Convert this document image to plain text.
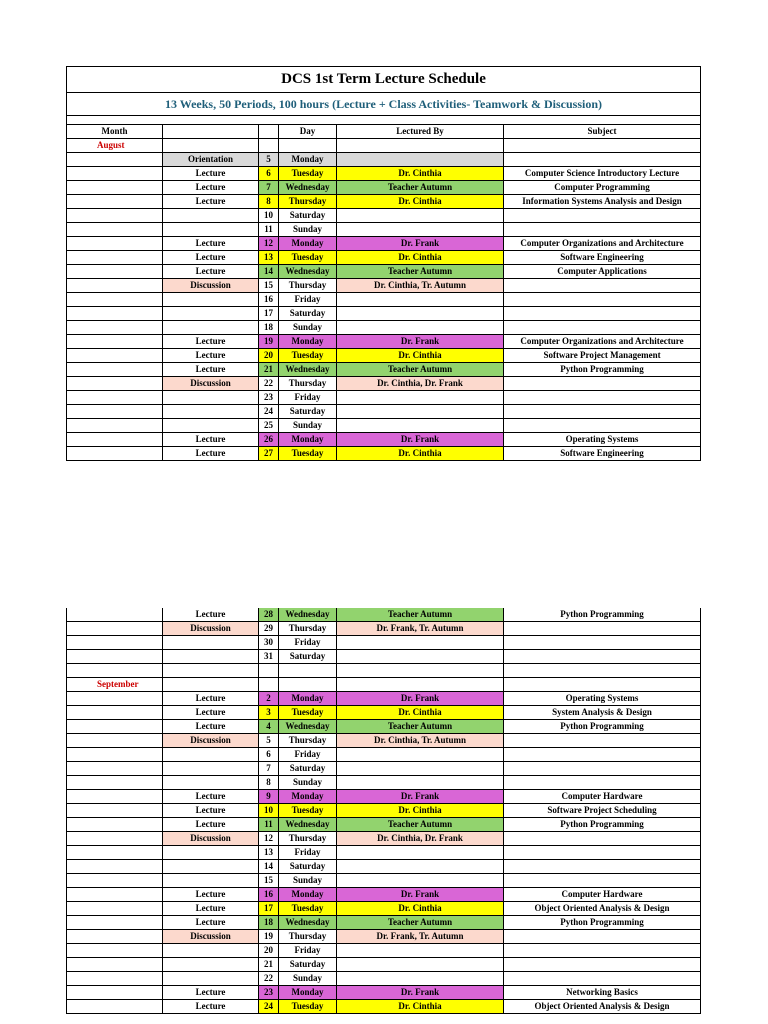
DCS 1st Term Lecture Schedule					
13 Weeks, 50 Periods, 100 hours (Lecture + Class Activities- Teamwork & Discussion)					

Month			Day	Lectured By	Subject
August					
	Orientation	5	Monday		
	Lecture	6	Tuesday	Dr. Cinthia	Computer Science Introductory Lecture
	Lecture	7	Wednesday	Teacher Autumn	Computer Programming
	Lecture	8	Thursday	Dr. Cinthia	Information Systems Analysis and Design
		10	Saturday		
		11	Sunday		
	Lecture	12	Monday	Dr. Frank	Computer Organizations and Architecture
	Lecture	13	Tuesday	Dr. Cinthia	Software Engineering
	Lecture	14	Wednesday	Teacher Autumn	Computer Applications
	Discussion	15	Thursday	Dr. Cinthia, Tr. Autumn	
		16	Friday		
		17	Saturday		
		18	Sunday		
	Lecture	19	Monday	Dr. Frank	Computer Organizations and Architecture
	Lecture	20	Tuesday	Dr. Cinthia	Software Project Management
	Lecture	21	Wednesday	Teacher Autumn	Python Programming
	Discussion	22	Thursday	Dr. Cinthia, Dr. Frank	
		23	Friday		
		24	Saturday		
		25	Sunday		
	Lecture	26	Monday	Dr. Frank	Operating Systems
	Lecture	27	Tuesday	Dr. Cinthia	Software Engineering
	Lecture	28	Wednesday	Teacher Autumn	Python Programming
	Discussion	29	Thursday	Dr. Frank, Tr. Autumn	
		30	Friday		
		31	Saturday		

September					
	Lecture	2	Monday	Dr. Frank	Operating Systems
	Lecture	3	Tuesday	Dr. Cinthia	System Analysis & Design
	Lecture	4	Wednesday	Teacher Autumn	Python Programming
	Discussion	5	Thursday	Dr. Cinthia, Tr. Autumn	
		6	Friday		
		7	Saturday		
		8	Sunday		
	Lecture	9	Monday	Dr. Frank	Computer Hardware
	Lecture	10	Tuesday	Dr. Cinthia	Software Project Scheduling
	Lecture	11	Wednesday	Teacher Autumn	Python Programming
	Discussion	12	Thursday	Dr. Cinthia, Dr. Frank	
		13	Friday		
		14	Saturday		
		15	Sunday		
	Lecture	16	Monday	Dr. Frank	Computer Hardware
	Lecture	17	Tuesday	Dr. Cinthia	Object Oriented Analysis & Design
	Lecture	18	Wednesday	Teacher Autumn	Python Programming
	Discussion	19	Thursday	Dr. Frank, Tr. Autumn	
		20	Friday		
		21	Saturday		
		22	Sunday		
	Lecture	23	Monday	Dr. Frank	Networking Basics
	Lecture	24	Tuesday	Dr. Cinthia	Object Oriented Analysis & Design
